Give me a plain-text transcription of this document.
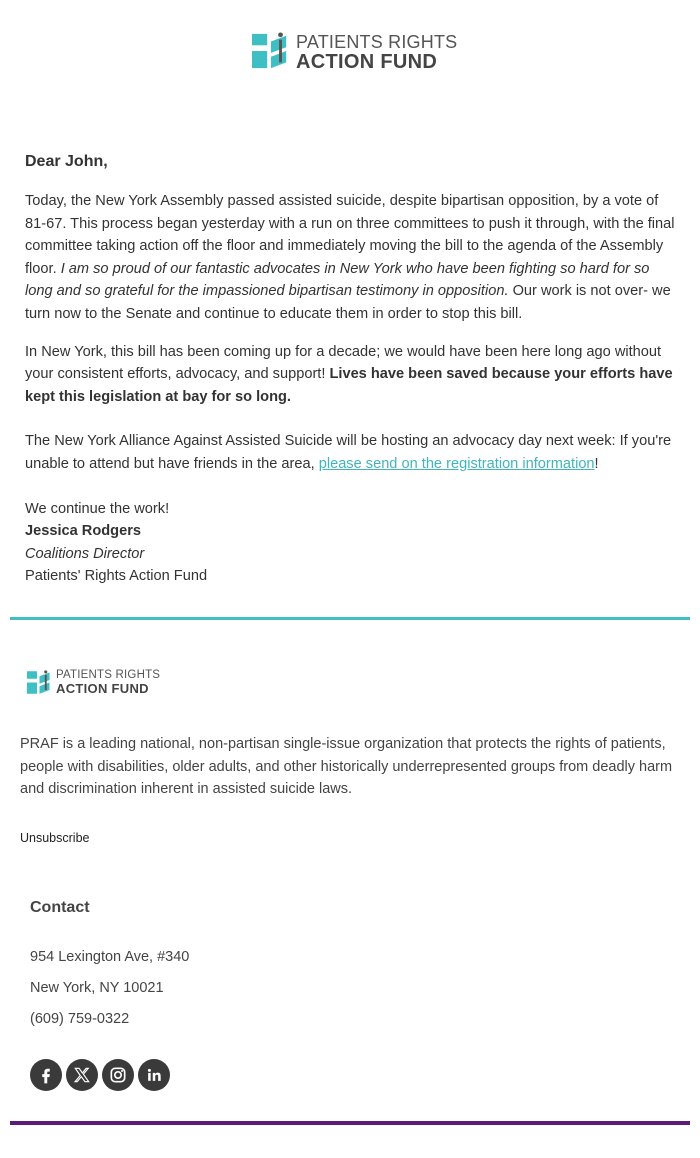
PATIENTS RIGHTS
ACTION FUND
Dear John,

Today, the New York Assembly passed assisted suicide, despite bipartisan opposition, by a vote of 81-67. This process began yesterday with a run on three committees to push it through, with the final committee taking action off the floor and immediately moving the bill to the agenda of the Assembly floor. I am so proud of our fantastic advocates in New York who have been fighting so hard for so long and so grateful for the impassioned bipartisan testimony in opposition. Our work is not over- we turn now to the Senate and continue to educate them in order to stop this bill.

In New York, this bill has been coming up for a decade; we would have been here long ago without your consistent efforts, advocacy, and support! Lives have been saved because your efforts have kept this legislation at bay for so long.

The New York Alliance Against Assisted Suicide will be hosting an advocacy day next week: If you're unable to attend but have friends in the area, please send on the registration information!

We continue the work!
Jessica Rodgers
Coalitions Director
Patients' Rights Action Fund
PATIENTS RIGHTS
ACTION FUND

PRAF is a leading national, non-partisan single-issue organization that protects the rights of patients, people with disabilities, older adults, and other historically underrepresented groups from deadly harm and discrimination inherent in assisted suicide laws.

Unsubscribe
Contact
954 Lexington Ave, #340
New York, NY 10021
(609) 759-0322
